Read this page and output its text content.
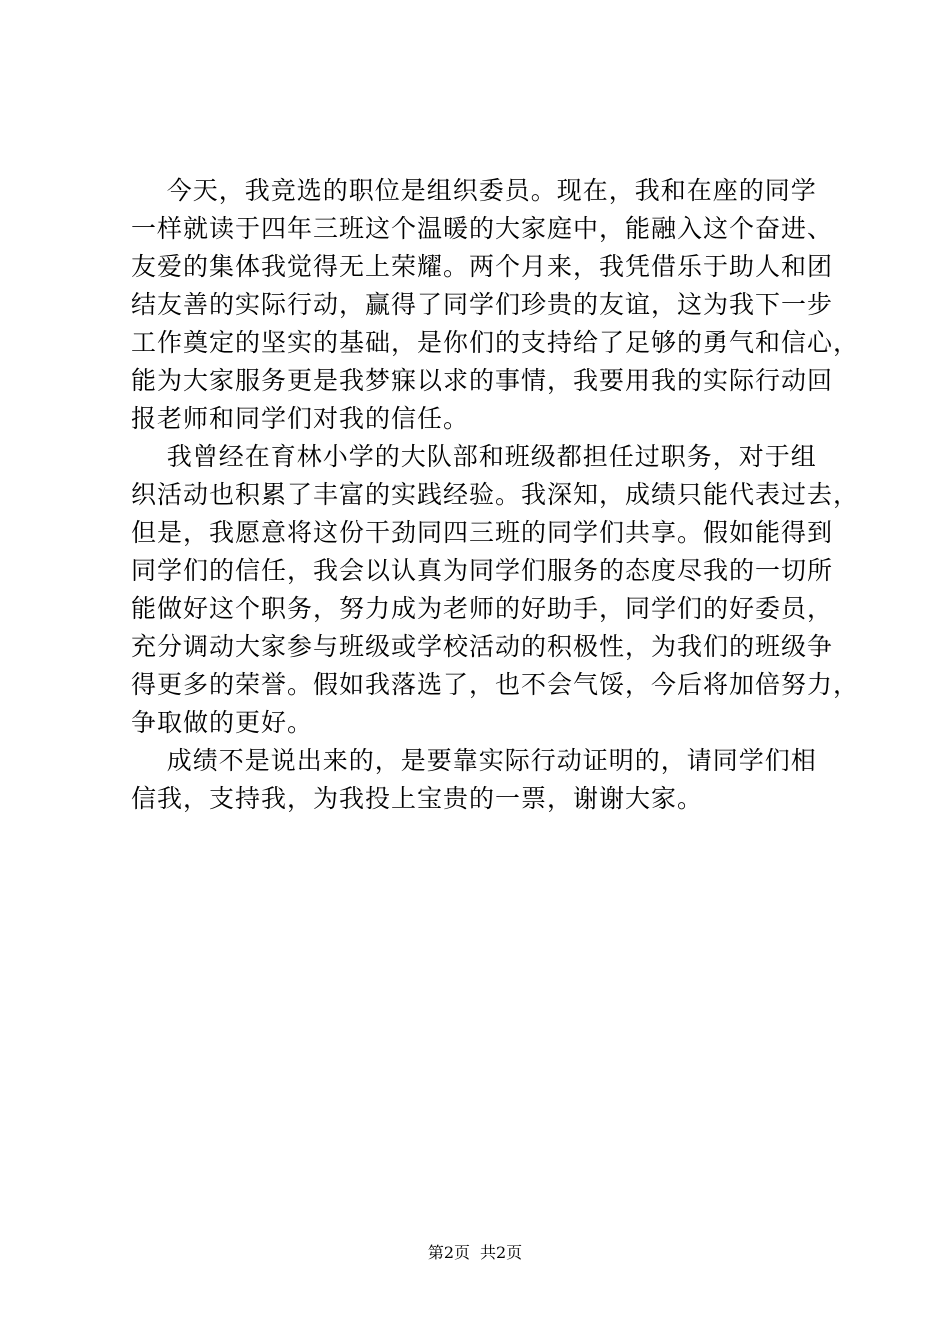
今天，我竞选的职位是组织委员。现在，我和在座的同学
一样就读于四年三班这个温暖的大家庭中，能融入这个奋进、
友爱的集体我觉得无上荣耀。两个月来，我凭借乐于助人和团
结友善的实际行动，赢得了同学们珍贵的友谊，这为我下一步
工作奠定的坚实的基础，是你们的支持给了足够的勇气和信心，
能为大家服务更是我梦寐以求的事情，我要用我的实际行动回
报老师和同学们对我的信任。
我曾经在育林小学的大队部和班级都担任过职务，对于组
织活动也积累了丰富的实践经验。我深知，成绩只能代表过去，
但是，我愿意将这份干劲同四三班的同学们共享。假如能得到
同学们的信任，我会以认真为同学们服务的态度尽我的一切所
能做好这个职务，努力成为老师的好助手，同学们的好委员，
充分调动大家参与班级或学校活动的积极性，为我们的班级争
得更多的荣誉。假如我落选了，也不会气馁，今后将加倍努力，
争取做的更好。
成绩不是说出来的，是要靠实际行动证明的，请同学们相
信我，支持我，为我投上宝贵的一票，谢谢大家。
第2页 共2页
